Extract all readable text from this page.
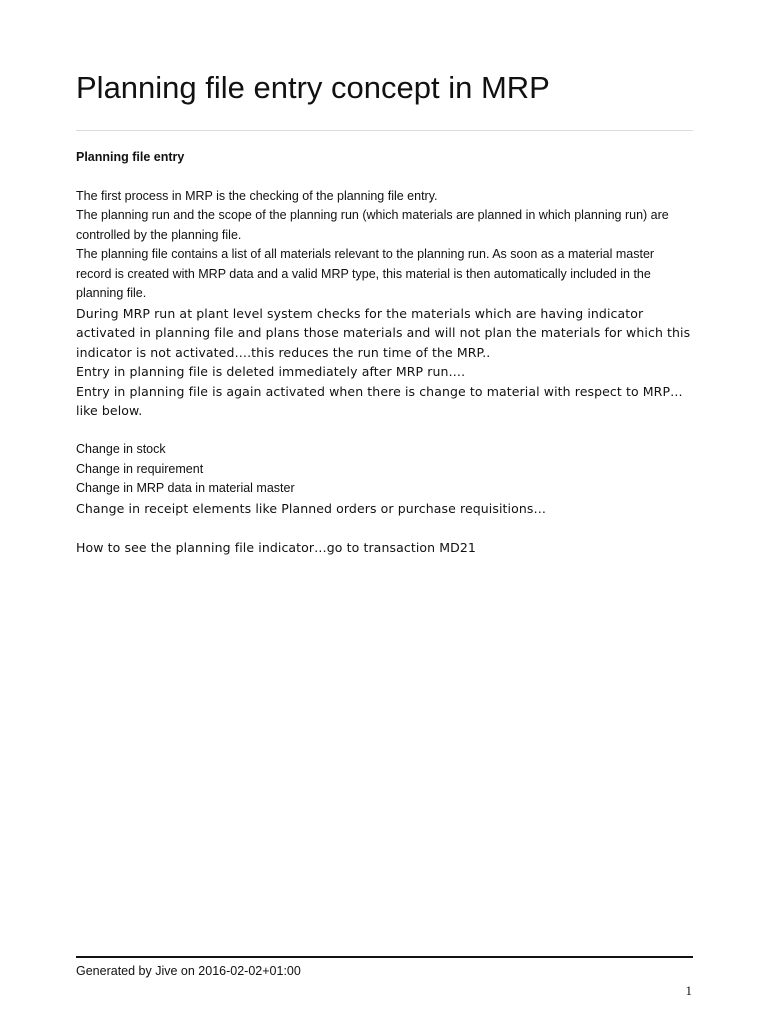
Planning file entry concept in MRP
Planning file entry
The first process in MRP is the checking of the planning file entry.
The planning run and the scope of the planning run (which materials are planned in which planning run) are
controlled by the planning file.
The planning file contains a list of all materials relevant to the planning run. As soon as a material master
record is created with MRP data and a valid MRP type, this material is then automatically included in the
planning file.
During MRP run at plant level system checks for the materials which are having indicator
activated in planning file and plans those materials and will not plan the materials for which this
indicator is not activated….this reduces the run time of the MRP..
Entry in planning file is deleted immediately after MRP run….
Entry in planning file is again activated when there is change to material with respect to MRP…
like below.
Change in stock
Change in requirement
Change in MRP data in material master
Change in receipt elements like Planned orders or purchase requisitions…
How to see the planning file indicator…go to transaction MD21
Generated by Jive on 2016-02-02+01:00
1
